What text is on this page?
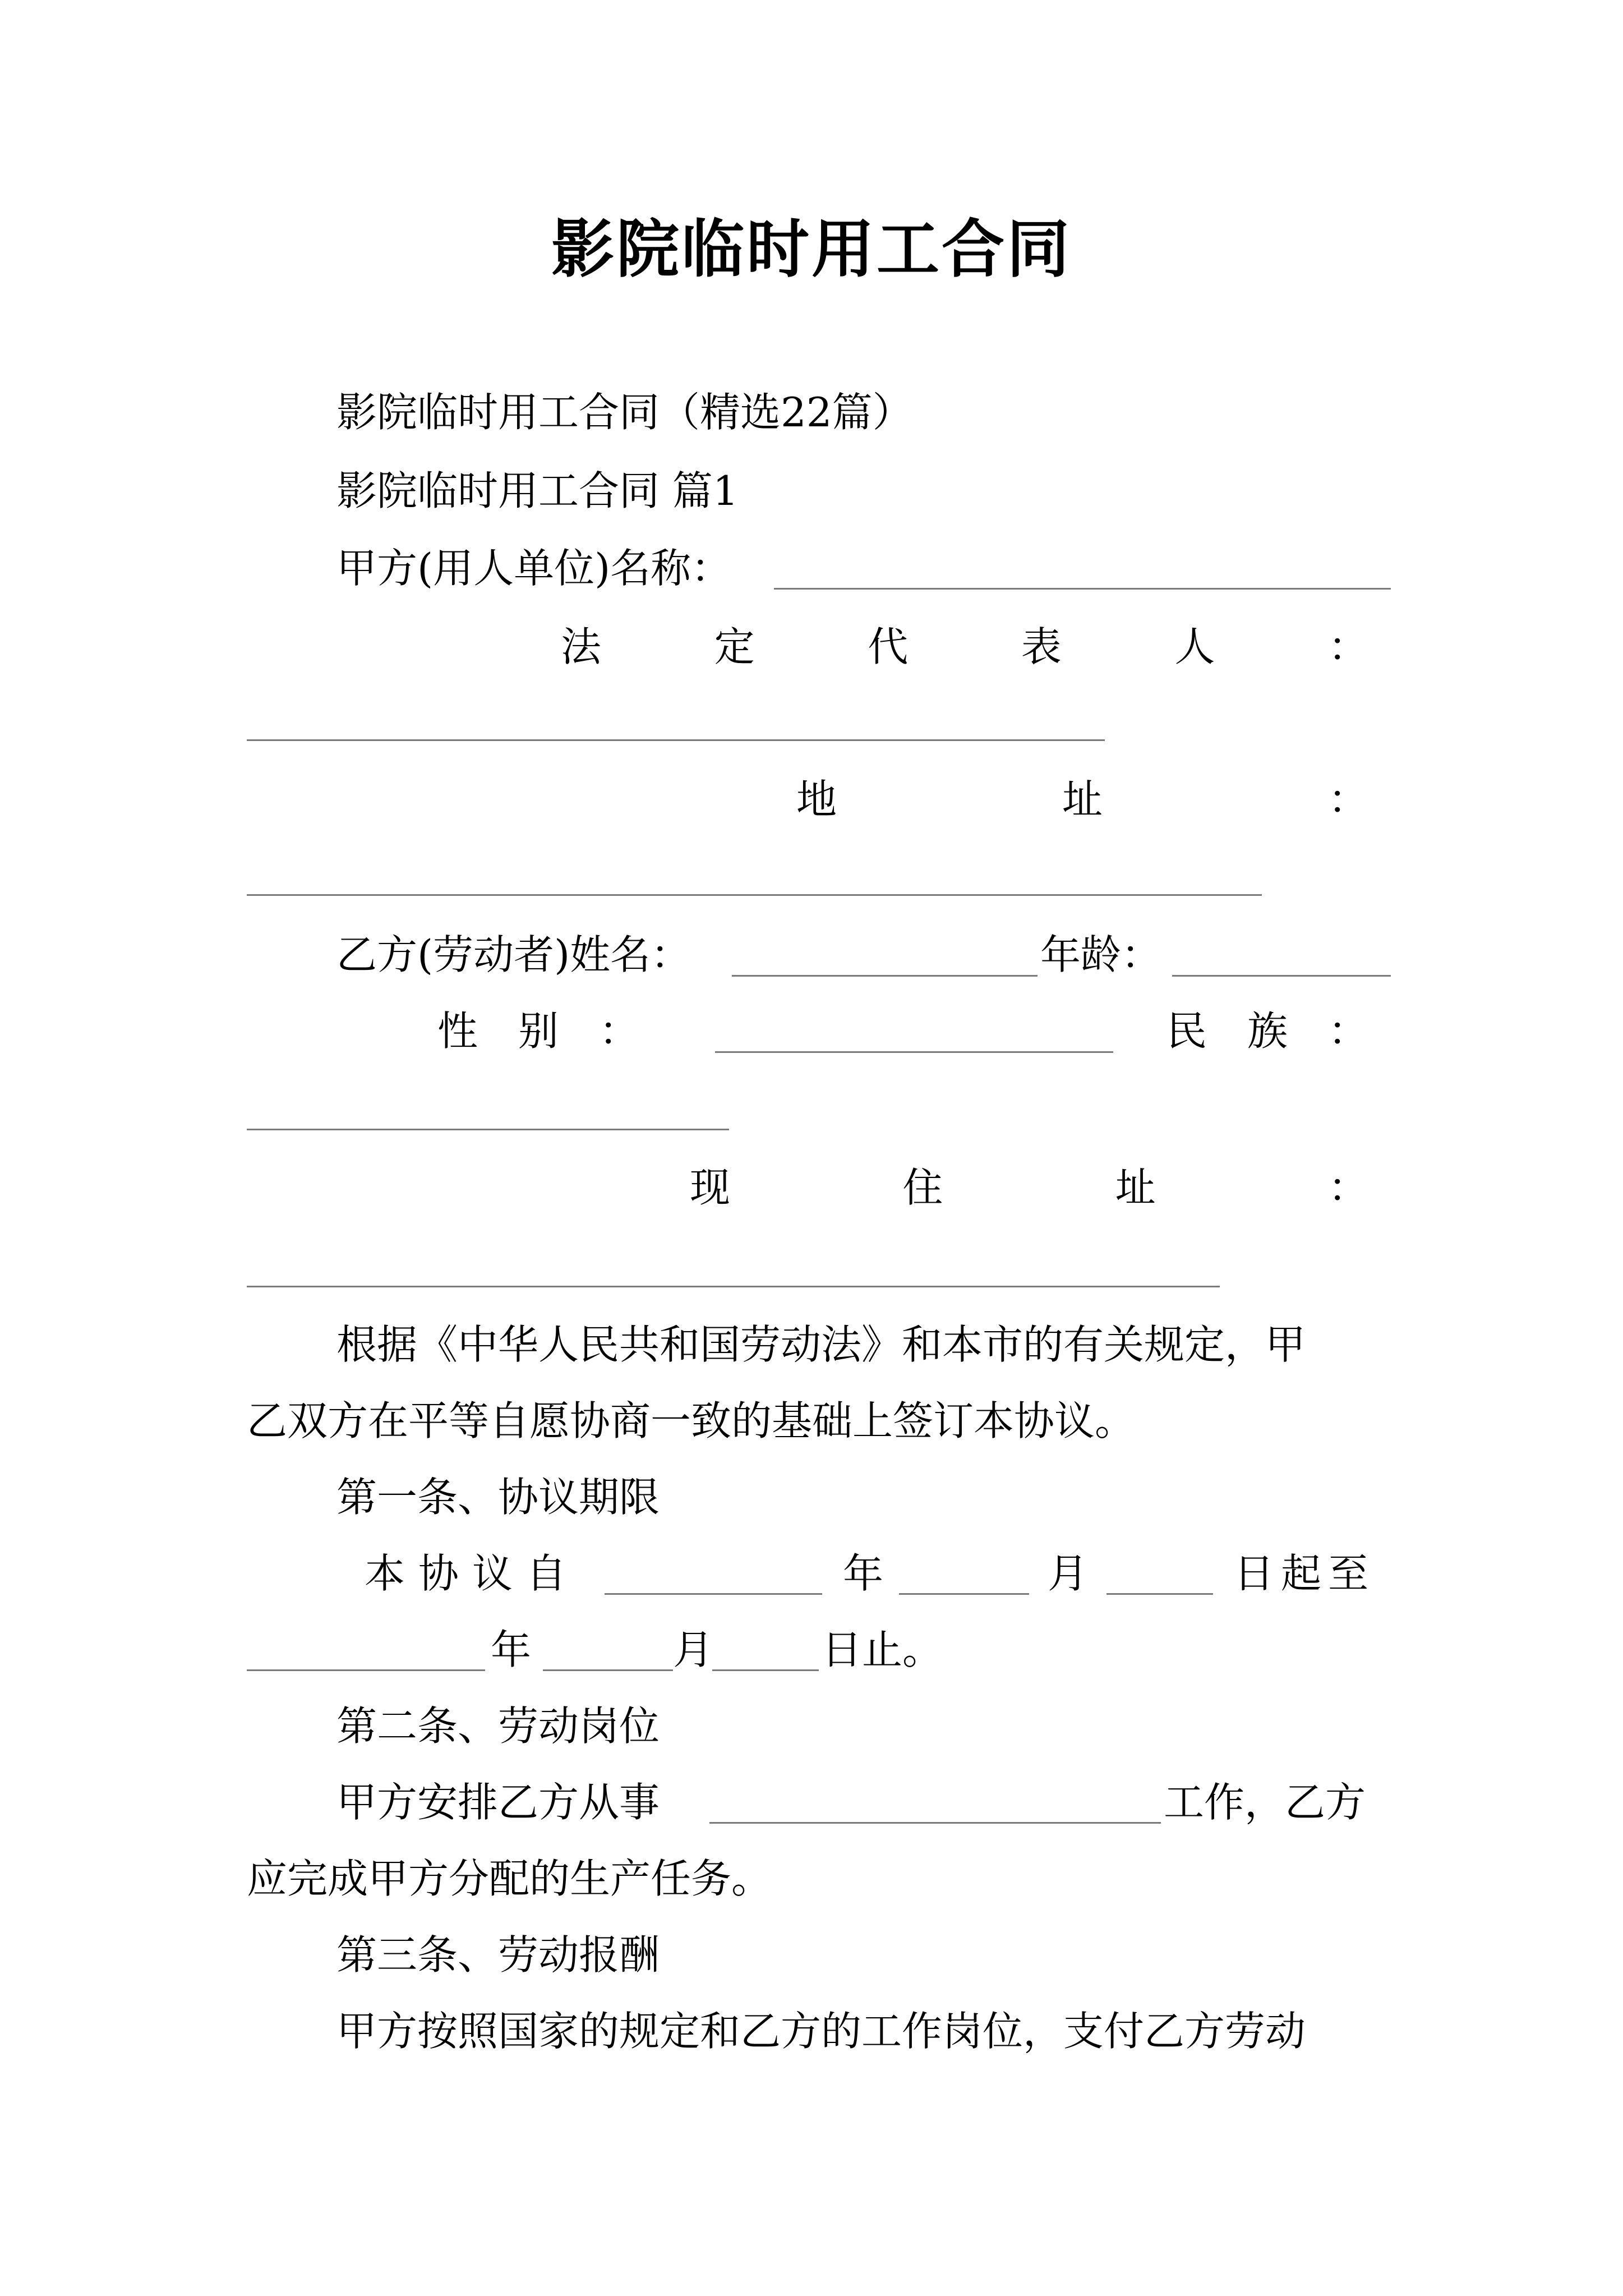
影院临时用工合同
影院临时用工合同（精选22篇）
影院临时用工合同 篇1
甲方(用人单位)名称：
法	定	代	表	人	：
地	址	：
乙方(劳动者)姓名：	年龄：
性 别 ：	民 族 ：
现	住	址	：
根据《中华人民共和国劳动法》和本市的有关规定，甲
乙双方在平等自愿协商一致的基础上签订本协议。
第一条、协议期限
本 协 议 自	年	月	日 起 至
年	月	日止。
第二条、劳动岗位
甲方安排乙方从事	工作，乙方
应完成甲方分配的生产任务。
第三条、劳动报酬
甲方按照国家的规定和乙方的工作岗位，支付乙方劳动
